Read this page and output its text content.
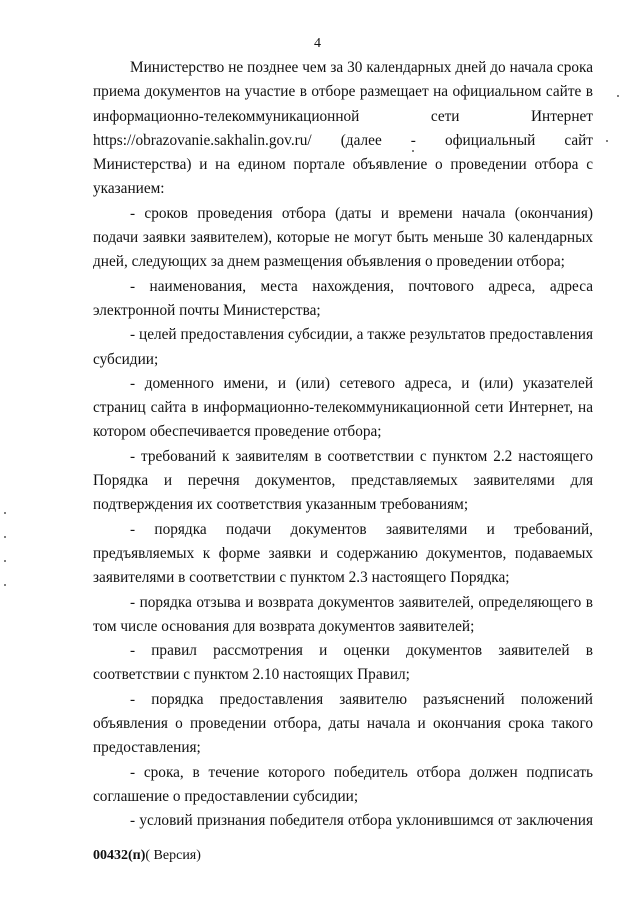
4

Министерство не позднее чем за 30 календарных дней до начала срока приема документов на участие в отборе размещает на официальном сайте в информационно-телекоммуникационной сети Интернет https://obrazovanie.sakhalin.gov.ru/ (далее - официальный сайт Министерства) и на едином портале объявление о проведении отбора с указанием:

- сроков проведения отбора (даты и времени начала (окончания) подачи заявки заявителем), которые не могут быть меньше 30 календарных дней, следующих за днем размещения объявления о проведении отбора;

- наименования, места нахождения, почтового адреса, адреса электронной почты Министерства;

- целей предоставления субсидии, а также результатов предоставления субсидии;

- доменного имени, и (или) сетевого адреса, и (или) указателей страниц сайта в информационно-телекоммуникационной сети Интернет, на котором обеспечивается проведение отбора;

- требований к заявителям в соответствии с пунктом 2.2 настоящего Порядка и перечня документов, представляемых заявителями для подтверждения их соответствия указанным требованиям;

- порядка подачи документов заявителями и требований, предъявляемых к форме заявки и содержанию документов, подаваемых заявителями в соответствии с пунктом 2.3 настоящего Порядка;

- порядка отзыва и возврата документов заявителей, определяющего в том числе основания для возврата документов заявителей;

- правил рассмотрения и оценки документов заявителей в соответствии с пунктом 2.10 настоящих Правил;

- порядка предоставления заявителю разъяснений положений объявления о проведении отбора, даты начала и окончания срока такого предоставления;

- срока, в течение которого победитель отбора должен подписать соглашение о предоставлении субсидии;

- условий признания победителя отбора уклонившимся от заключения

00432(п)( Версия)
